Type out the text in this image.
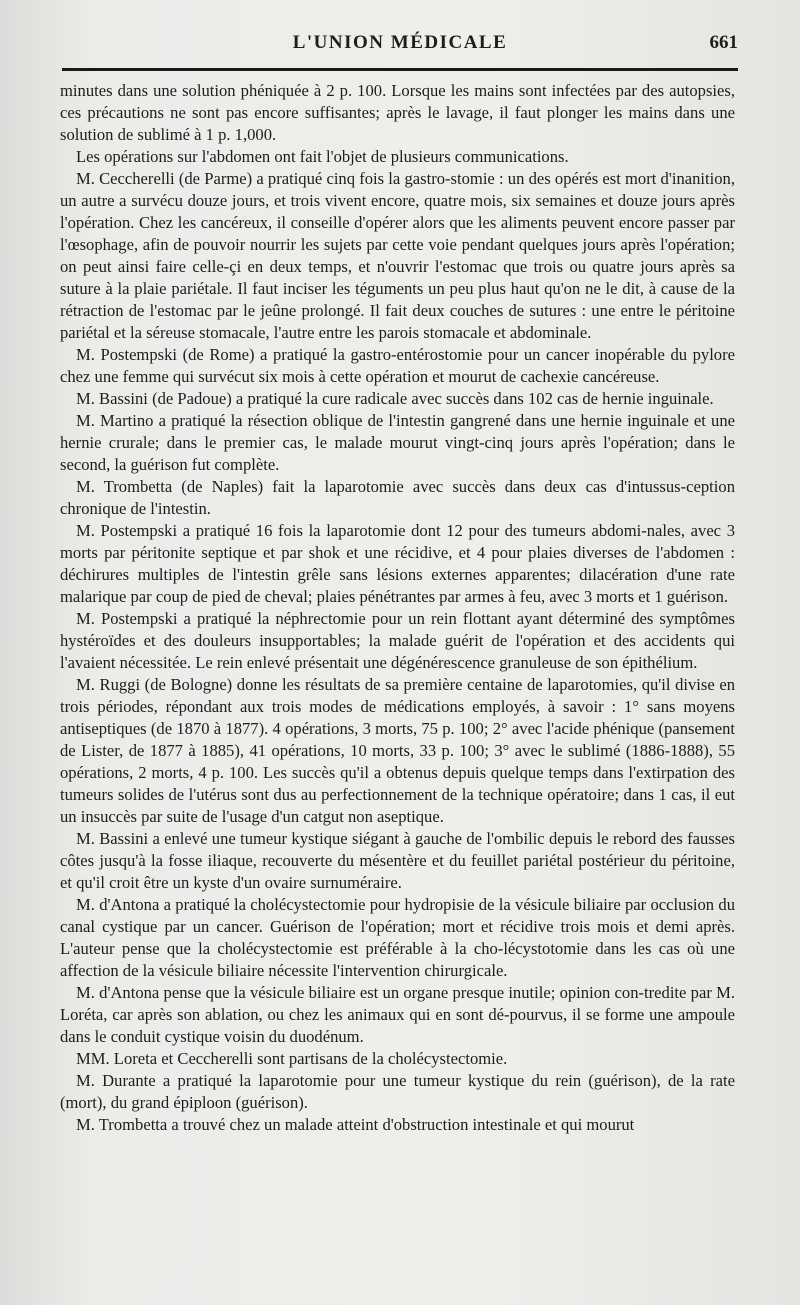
L'UNION MÉDICALE	661

minutes dans une solution phéniquée à 2 p. 100. Lorsque les mains sont infectées par des autopsies, ces précautions ne sont pas encore suffisantes; après le lavage, il faut plonger les mains dans une solution de sublimé à 1 p. 1,000.

Les opérations sur l'abdomen ont fait l'objet de plusieurs communications.

M. Ceccherelli (de Parme) a pratiqué cinq fois la gastro-stomie : un des opérés est mort d'inanition, un autre a survécu douze jours, et trois vivent encore, quatre mois, six semaines et douze jours après l'opération. Chez les cancéreux, il conseille d'opérer alors que les aliments peuvent encore passer par l'œsophage, afin de pouvoir nourrir les sujets par cette voie pendant quelques jours après l'opération; on peut ainsi faire celle-çi en deux temps, et n'ouvrir l'estomac que trois ou quatre jours après sa suture à la plaie pariétale. Il faut inciser les téguments un peu plus haut qu'on ne le dit, à cause de la rétraction de l'estomac par le jeûne prolongé. Il fait deux couches de sutures : une entre le péritoine pariétal et la séreuse stomacale, l'autre entre les parois stomacale et abdominale.

M. Postempski (de Rome) a pratiqué la gastro-entérostomie pour un cancer inopérable du pylore chez une femme qui survécut six mois à cette opération et mourut de cachexie cancéreuse.

M. Bassini (de Padoue) a pratiqué la cure radicale avec succès dans 102 cas de hernie inguinale.

M. Martino a pratiqué la résection oblique de l'intestin gangrené dans une hernie inguinale et une hernie crurale; dans le premier cas, le malade mourut vingt-cinq jours après l'opération; dans le second, la guérison fut complète.

M. Trombetta (de Naples) fait la laparotomie avec succès dans deux cas d'intussus-ception chronique de l'intestin.

M. Postempski a pratiqué 16 fois la laparotomie dont 12 pour des tumeurs abdomi-nales, avec 3 morts par péritonite septique et par shok et une récidive, et 4 pour plaies diverses de l'abdomen : déchirures multiples de l'intestin grêle sans lésions externes apparentes; dilacération d'une rate malarique par coup de pied de cheval; plaies pénétrantes par armes à feu, avec 3 morts et 1 guérison.

M. Postempski a pratiqué la néphrectomie pour un rein flottant ayant déterminé des symptômes hystéroïdes et des douleurs insupportables; la malade guérit de l'opération et des accidents qui l'avaient nécessitée. Le rein enlevé présentait une dégénérescence granuleuse de son épithélium.

M. Ruggi (de Bologne) donne les résultats de sa première centaine de laparotomies, qu'il divise en trois périodes, répondant aux trois modes de médications employés, à savoir : 1° sans moyens antiseptiques (de 1870 à 1877). 4 opérations, 3 morts, 75 p. 100; 2° avec l'acide phénique (pansement de Lister, de 1877 à 1885), 41 opérations, 10 morts, 33 p. 100; 3° avec le sublimé (1886-1888), 55 opérations, 2 morts, 4 p. 100. Les succès qu'il a obtenus depuis quelque temps dans l'extirpation des tumeurs solides de l'utérus sont dus au perfectionnement de la technique opératoire; dans 1 cas, il eut un insuccès par suite de l'usage d'un catgut non aseptique.

M. Bassini a enlevé une tumeur kystique siégant à gauche de l'ombilic depuis le rebord des fausses côtes jusqu'à la fosse iliaque, recouverte du mésentère et du feuillet pariétal postérieur du péritoine, et qu'il croit être un kyste d'un ovaire surnuméraire.

M. d'Antona a pratiqué la cholécystectomie pour hydropisie de la vésicule biliaire par occlusion du canal cystique par un cancer. Guérison de l'opération; mort et récidive trois mois et demi après. L'auteur pense que la cholécystectomie est préférable à la cho-lécystotomie dans les cas où une affection de la vésicule biliaire nécessite l'intervention chirurgicale.

M. d'Antona pense que la vésicule biliaire est un organe presque inutile; opinion con-tredite par M. Loréta, car après son ablation, ou chez les animaux qui en sont dé-pourvus, il se forme une ampoule dans le conduit cystique voisin du duodénum.

MM. Loreta et Ceccherelli sont partisans de la cholécystectomie.

M. Durante a pratiqué la laparotomie pour une tumeur kystique du rein (guérison), de la rate (mort), du grand épiploon (guérison).

M. Trombetta a trouvé chez un malade atteint d'obstruction intestinale et qui mourut
